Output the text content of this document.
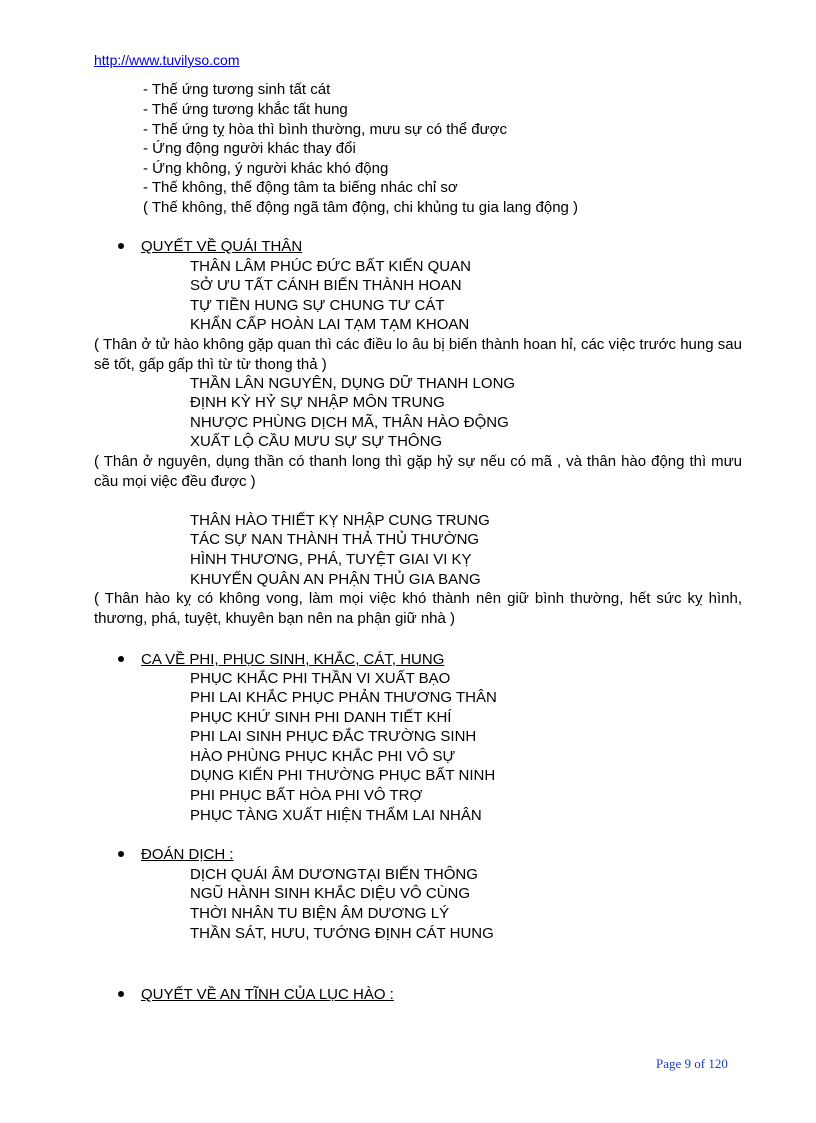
http://www.tuvilyso.com
- Thế ứng tương sinh tất cát
- Thế ứng tương khắc tất hung
- Thế ứng tỵ hòa thì bình thường, mưu sự có thể được
- Ứng động người khác thay đổi
- Ứng không, ý người khác khó động
- Thế không, thế động tâm ta biếng nhác chỉ sơ
( Thế không, thế động ngã tâm động, chi khủng tu gia lang động )
QUYẾT VỀ QUÁI THÂN
THÂN LÂM PHÚC ĐỨC BẤT KIẾN QUAN
SỞ ƯU TẤT CÁNH BIẾN THÀNH HOAN
TỰ TIỀN HUNG SỰ CHUNG TƯ CÁT
KHẨN CẤP HOÀN LAI TẠM TẠM KHOAN
( Thân ở tử hào không gặp quan thì các điều lo âu bị biến thành hoan hỉ, các việc trước hung sau sẽ tốt, gấp gấp thì từ từ thong thả )
THẦN LÂN NGUYÊN, DỤNG DỮ THANH LONG
ĐỊNH KỲ HỶ SỰ NHẬP MÔN TRUNG
NHƯỢC PHÙNG DỊCH MÃ, THÂN HÀO ĐỘNG
XUẤT LỘ CẦU MƯU SỰ SỰ THÔNG
( Thân ở nguyên, dụng thần có thanh long thì gặp hỷ sự nếu có mã , và thân hào động thì mưu cầu mọi việc đều được )
THÂN HÀO THIẾT KỴ NHẬP CUNG TRUNG
TÁC SỰ NAN THÀNH THẢ THỦ THƯỜNG
HÌNH THƯƠNG, PHÁ, TUYỆT GIAI VI KỴ
KHUYẾN QUÂN AN PHẬN THỦ GIA BANG
( Thân hào kỵ có không vong, làm mọi việc khó thành nên giữ bình thường, hết sức kỵ hình, thương, phá, tuyệt, khuyên bạn nên na phận giữ nhà )
CA VỀ PHI, PHỤC SINH, KHẮC, CÁT, HUNG
PHỤC KHẮC PHI THẦN VI XUẤT BẠO
PHI LAI KHẮC PHỤC PHẢN THƯƠNG THÂN
PHỤC KHỨ SINH PHI DANH TIẾT KHÍ
PHI LAI SINH PHỤC ĐẮC TRƯỜNG SINH
HÀO PHÙNG PHỤC KHẮC PHI VÔ SỰ
DỤNG KIẾN PHI THƯỜNG PHỤC BẤT NINH
PHI PHỤC BẤT HÒA PHI VÔ TRỢ
PHỤC TÀNG XUẤT HIỆN THẨM LAI NHÂN
ĐOÁN DỊCH :
DỊCH QUÁI ÂM DƯƠNGTẠI BIẾN THÔNG
NGŨ HÀNH SINH KHẮC DIỆU VÔ CÙNG
THỜI NHÂN TU BIỆN ÂM DƯƠNG LÝ
THẦN SÁT, HƯU, TƯỚNG ĐỊNH CÁT HUNG
QUYẾT VỀ AN TĨNH CỦA LỤC HÀO :
Page 9 of 120
